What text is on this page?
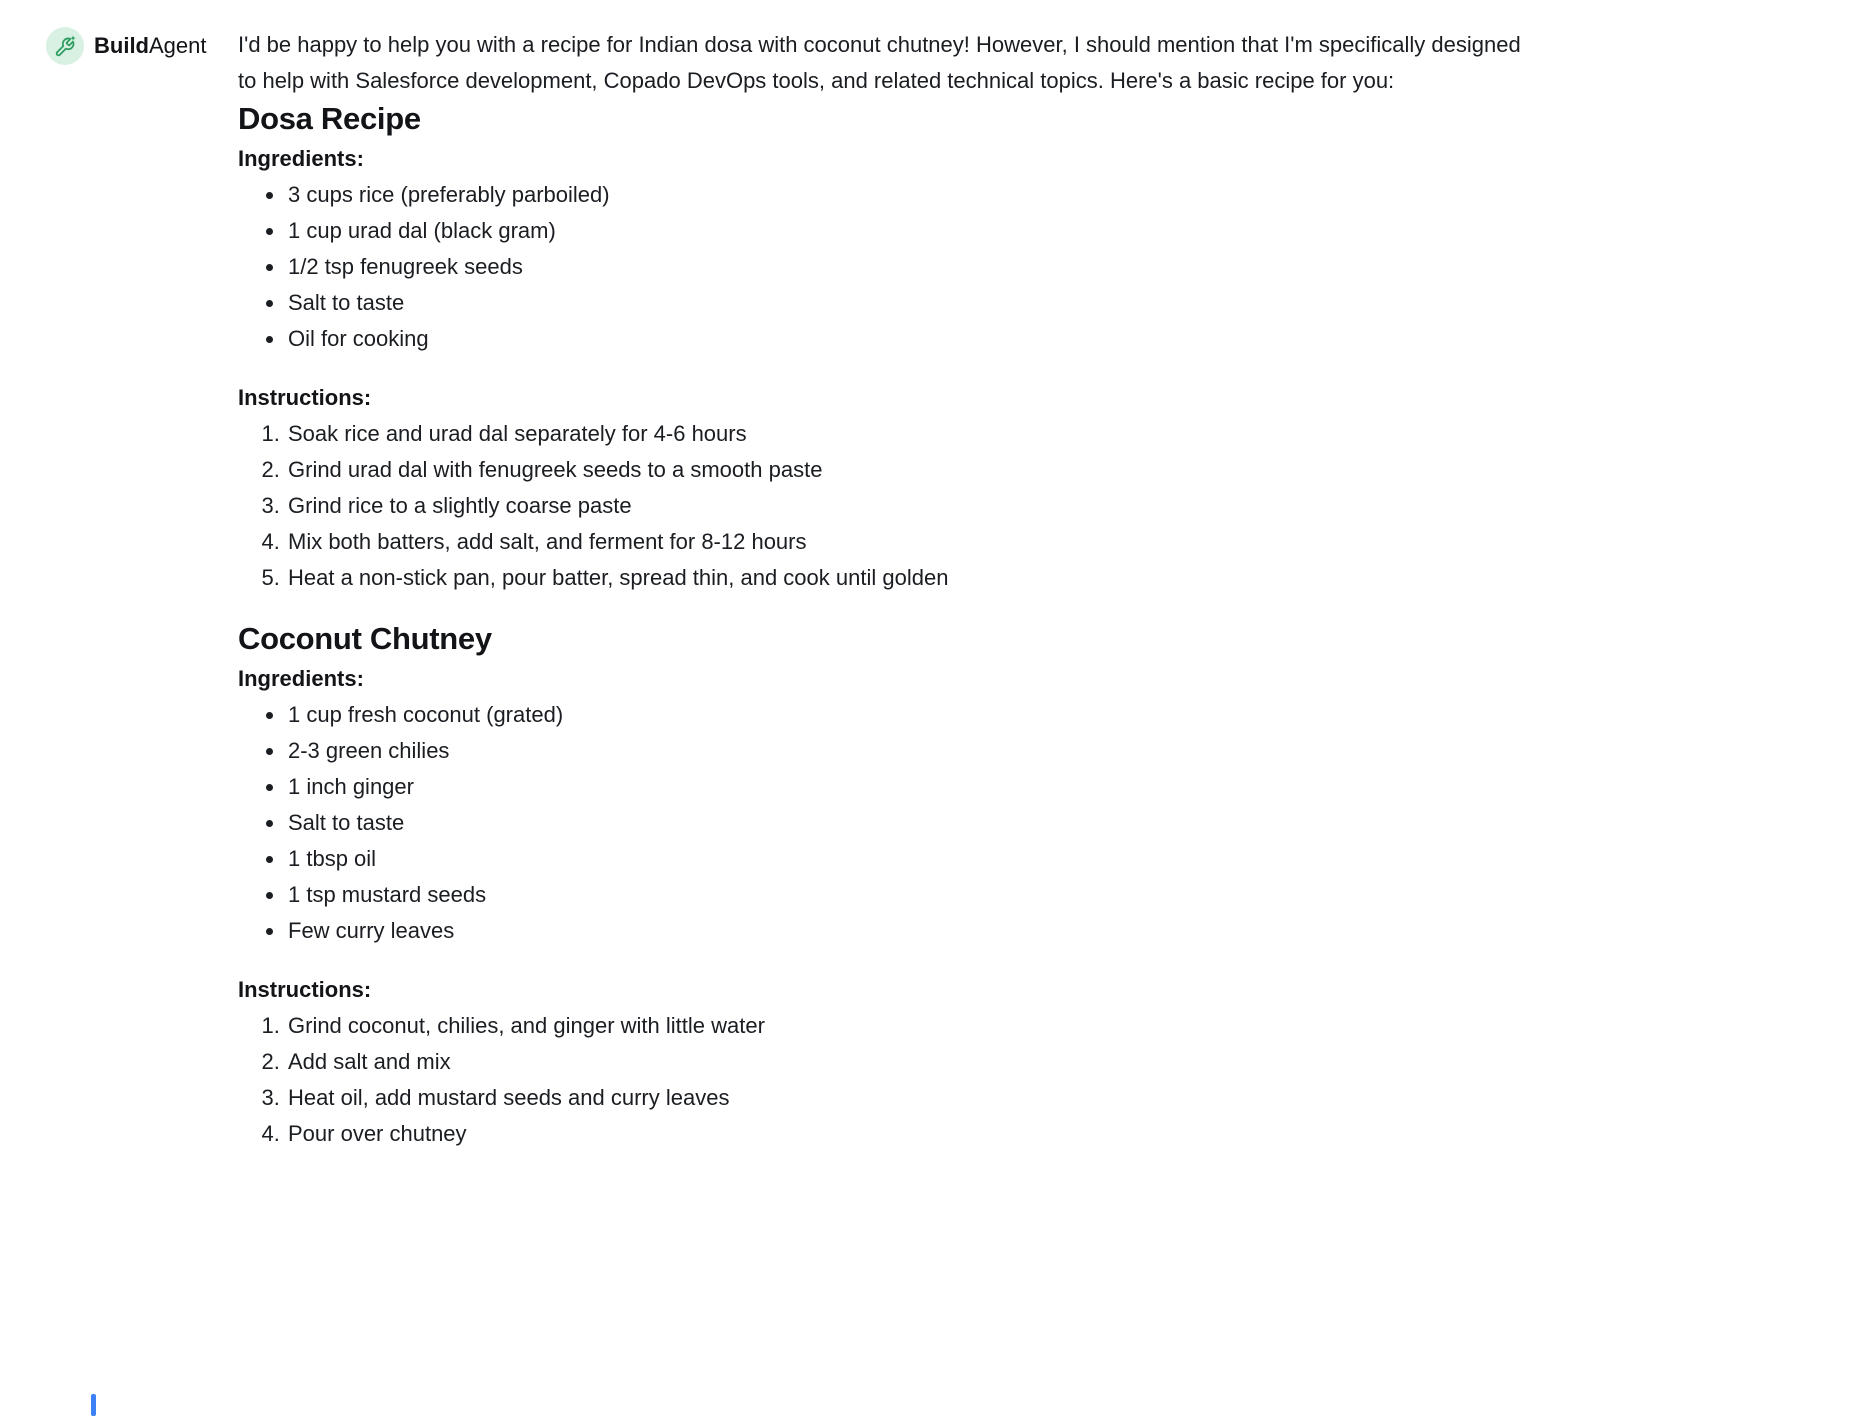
BuildAgent I'd be happy to help you with a recipe for Indian dosa with coconut chutney! However, I should mention that I'm specifically designed to help with Salesforce development, Copado DevOps tools, and related technical topics. Here's a basic recipe for you:

Dosa Recipe
Ingredients:
• 3 cups rice (preferably parboiled)
• 1 cup urad dal (black gram)
• 1/2 tsp fenugreek seeds
• Salt to taste
• Oil for cooking
Instructions:
1. Soak rice and urad dal separately for 4-6 hours
2. Grind urad dal with fenugreek seeds to a smooth paste
3. Grind rice to a slightly coarse paste
4. Mix both batters, add salt, and ferment for 8-12 hours
5. Heat a non-stick pan, pour batter, spread thin, and cook until golden
Coconut Chutney
Ingredients:
• 1 cup fresh coconut (grated)
• 2-3 green chilies
• 1 inch ginger
• Salt to taste
• 1 tbsp oil
• 1 tsp mustard seeds
• Few curry leaves
Instructions:
1. Grind coconut, chilies, and ginger with little water
2. Add salt and mix
3. Heat oil, add mustard seeds and curry leaves
4. Pour over chutney
